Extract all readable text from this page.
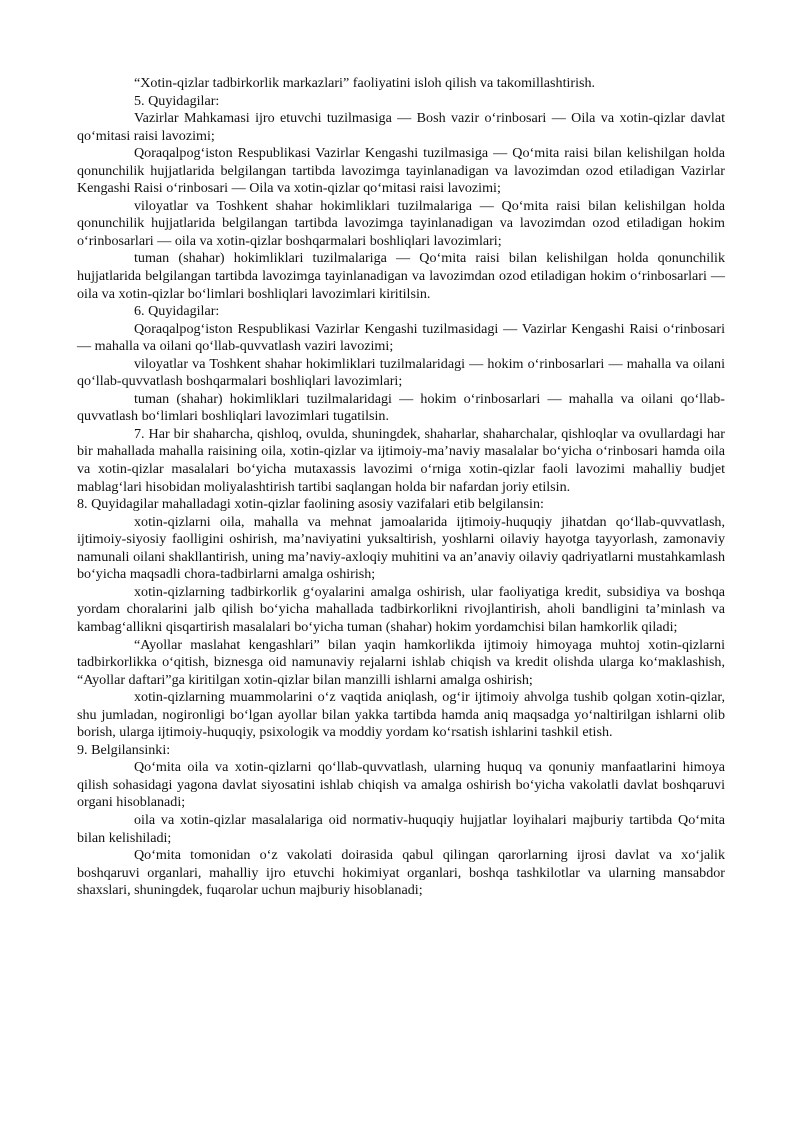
“Xotin-qizlar tadbirkorlik markazlari” faoliyatini isloh qilish va takomillashtirish.

5. Quyidagilar:

Vazirlar Mahkamasi ijro etuvchi tuzilmasiga — Bosh vazir oʻrinbosari — Oila va xotin-qizlar davlat qoʻmitasi raisi lavozimi;

Qoraqalpogʻiston Respublikasi Vazirlar Kengashi tuzilmasiga — Qoʻmita raisi bilan kelishilgan holda qonunchilik hujjatlarida belgilangan tartibda lavozimga tayinlanadigan va lavozimdan ozod etiladigan Vazirlar Kengashi Raisi oʻrinbosari — Oila va xotin-qizlar qoʻmitasi raisi lavozimi;

viloyatlar va Toshkent shahar hokimliklari tuzilmalariga — Qoʻmita raisi bilan kelishilgan holda qonunchilik hujjatlarida belgilangan tartibda lavozimga tayinlanadigan va lavozimdan ozod etiladigan hokim oʻrinbosarlari — oila va xotin-qizlar boshqarmalari boshliqlari lavozimlari;

tuman (shahar) hokimliklari tuzilmalariga — Qoʻmita raisi bilan kelishilgan holda qonunchilik hujjatlarida belgilangan tartibda lavozimga tayinlanadigan va lavozimdan ozod etiladigan hokim oʻrinbosarlari — oila va xotin-qizlar boʻlimlari boshliqlari lavozimlari kiritilsin.

6. Quyidagilar:

Qoraqalpogʻiston Respublikasi Vazirlar Kengashi tuzilmasidagi — Vazirlar Kengashi Raisi oʻrinbosari — mahalla va oilani qoʻllab-quvvatlash vaziri lavozimi;

viloyatlar va Toshkent shahar hokimliklari tuzilmalaridagi — hokim oʻrinbosarlari — mahalla va oilani qoʻllab-quvvatlash boshqarmalari boshliqlari lavozimlari;

tuman (shahar) hokimliklari tuzilmalaridagi — hokim oʻrinbosarlari — mahalla va oilani qoʻllab-quvvatlash boʻlimlari boshliqlari lavozimlari tugatilsin.

7. Har bir shaharcha, qishloq, ovulda, shuningdek, shaharlar, shaharchalar, qishloqlar va ovullardagi har bir mahallada mahalla raisining oila, xotin-qizlar va ijtimoiy-maʼnaviy masalalar boʻyicha oʻrinbosari hamda oila va xotin-qizlar masalalari boʻyicha mutaxassis lavozimi oʻrniga xotin-qizlar faoli lavozimi mahalliy budjet mablagʻlari hisobidan moliyalashtirish tartibi saqlangan holda bir nafardan joriy etilsin.

8. Quyidagilar mahalladagi xotin-qizlar faolining asosiy vazifalari etib belgilansin:

xotin-qizlarni oila, mahalla va mehnat jamoalarida ijtimoiy-huquqiy jihatdan qoʻllab-quvvatlash, ijtimoiy-siyosiy faolligini oshirish, maʼnaviyatini yuksaltirish, yoshlarni oilaviy hayotga tayyorlash, zamonaviy namunali oilani shakllantirish, uning maʼnaviy-axloqiy muhitini va anʼanaviy oilaviy qadriyatlarni mustahkamlash boʻyicha maqsadli chora-tadbirlarni amalga oshirish;

xotin-qizlarning tadbirkorlik gʻoyalarini amalga oshirish, ular faoliyatiga kredit, subsidiya va boshqa yordam choralarini jalb qilish boʻyicha mahallada tadbirkorlikni rivojlantirish, aholi bandligini taʼminlash va kambagʻallikni qisqartirish masalalari boʻyicha tuman (shahar) hokim yordamchisi bilan hamkorlik qiladi;

“Ayollar maslahat kengashlari” bilan yaqin hamkorlikda ijtimoiy himoyaga muhtoj xotin-qizlarni tadbirkorlikka oʻqitish, biznesga oid namunaviy rejalarni ishlab chiqish va kredit olishda ularga koʻmaklashish, “Ayollar daftari”ga kiritilgan xotin-qizlar bilan manzilli ishlarni amalga oshirish;

xotin-qizlarning muammolarini oʻz vaqtida aniqlash, ogʻir ijtimoiy ahvolga tushib qolgan xotin-qizlar, shu jumladan, nogironligi boʻlgan ayollar bilan yakka tartibda hamda aniq maqsadga yoʻnaltirilgan ishlarni olib borish, ularga ijtimoiy-huquqiy, psixologik va moddiy yordam koʻrsatish ishlarini tashkil etish.

9. Belgilansinki:

Qoʻmita oila va xotin-qizlarni qoʻllab-quvvatlash, ularning huquq va qonuniy manfaatlarini himoya qilish sohasidagi yagona davlat siyosatini ishlab chiqish va amalga oshirish boʻyicha vakolatli davlat boshqaruvi organi hisoblanadi;

oila va xotin-qizlar masalalariga oid normativ-huquqiy hujjatlar loyihalari majburiy tartibda Qoʻmita bilan kelishiladi;

Qoʻmita tomonidan oʻz vakolati doirasida qabul qilingan qarorlarning ijrosi davlat va xoʻjalik boshqaruvi organlari, mahalliy ijro etuvchi hokimiyat organlari, boshqa tashkilotlar va ularning mansabdor shaxslari, shuningdek, fuqarolar uchun majburiy hisoblanadi;
